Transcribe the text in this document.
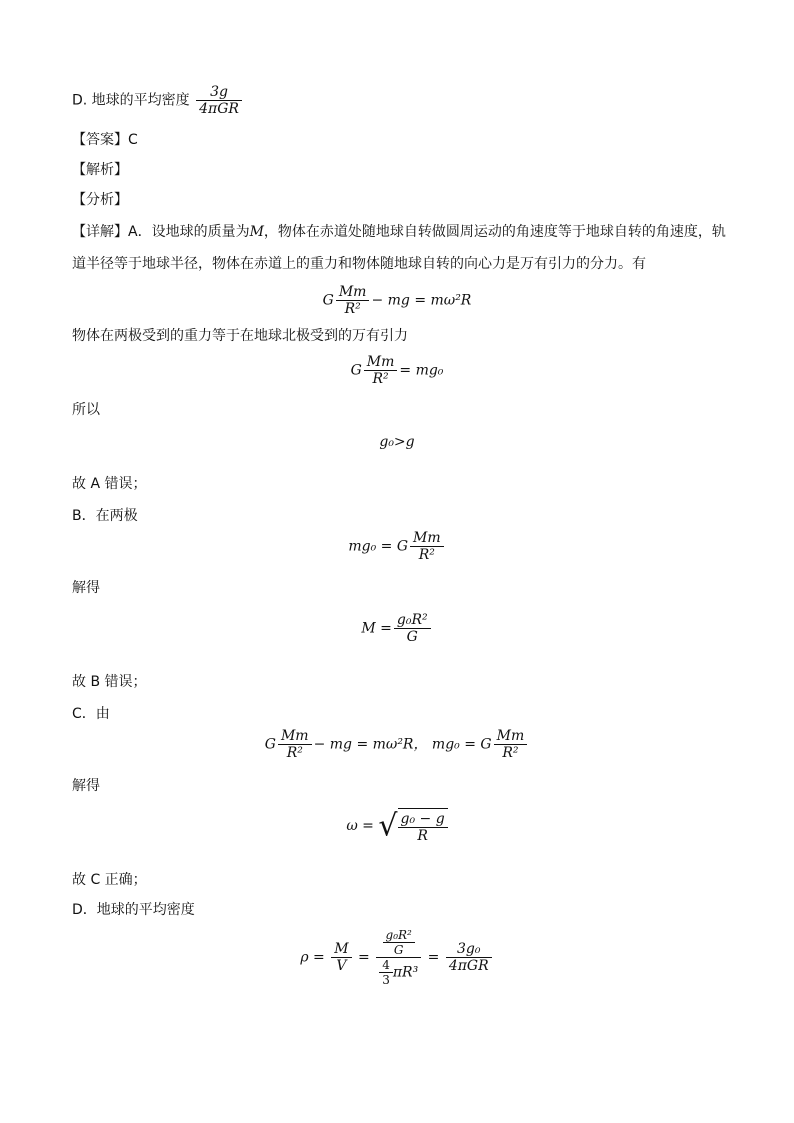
D. 地球的平均密度 $\frac{3g}{\text{4πGR}}$
【答案】C
【解析】
【分析】
【详解】A．设地球的质量为M，物体在赤道处随地球自转做圆周运动的角速度等于地球自转的角速度，轨
道半径等于地球半径，物体在赤道上的重力和物体随地球自转的向心力是万有引力的分力。有
G $\frac{Mm}{\text{R²}}$ − mg = mω²R
物体在两极受到的重力等于在地球北极受到的万有引力
G $\frac{Mm}{\text{R²}} = mg_0$
所以
g₀>g
故 A 错误；
B．在两极
mg₀ = G $\frac{Mm}{\text{R²}}$
解得
$M = \frac{\text{g₀R²}}{G}$
故 B 错误；
C．由
G $\frac{Mm}{\text{R²}}$ − mg = mω²R， mg₀ = G $\frac{Mm}{\text{R²}}$
解得
ω = √ $\frac{\text{g₀ − g}}{R}$
故 C 正确；
D．地球的平均密度
$\rho = \frac{M}{V} = \frac{\frac{\text{g₀R²}}{G}}{\frac{4}{3} \pi R^3} = \frac{\text{3g₀}}{\text{4πGR}}$
